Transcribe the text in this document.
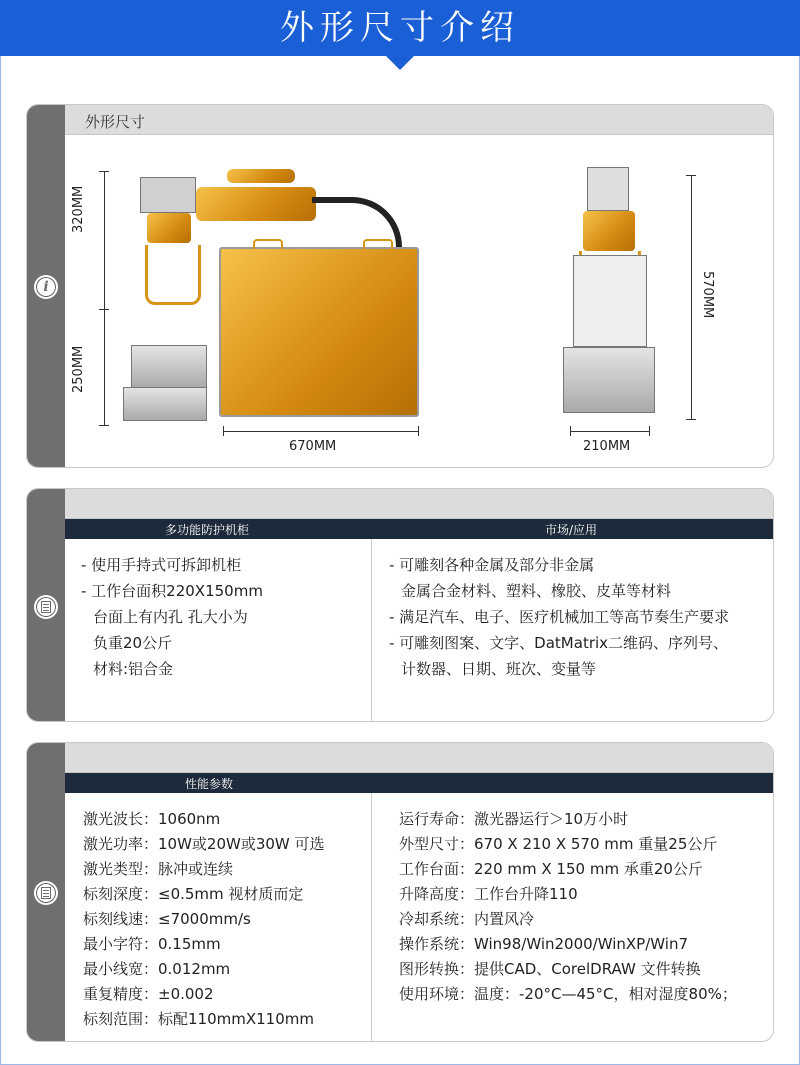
外形尺寸介绍
i
外形尺寸
320MM
250MM
670MM
570MM
210MM
多功能防护机柜	市场/应用
- 使用手持式可拆卸机柜
- 工作台面积220X150mm
台面上有内孔 孔大小为
负重20公斤
材料:铝合金
- 可雕刻各种金属及部分非金属
金属合金材料、塑料、橡胶、皮革等材料
- 满足汽车、电子、医疗机械加工等高节奏生产要求
- 可雕刻图案、文字、DatMatrix二维码、序列号、
计数器、日期、班次、变量等
性能参数
激光波长：1060nm
激光功率：10W或20W或30W 可选
激光类型：脉冲或连续
标刻深度：≤0.5mm 视材质而定
标刻线速：≤7000mm/s
最小字符：0.15mm
最小线宽：0.012mm
重复精度：±0.002
标刻范围：标配110mmX110mm
运行寿命：激光器运行＞10万小时
外型尺寸：670 X 210 X 570 mm 重量25公斤
工作台面：220 mm X 150 mm 承重20公斤
升降高度：工作台升降110
冷却系统：内置风冷
操作系统：Win98/Win2000/WinXP/Win7
图形转换：提供CAD、CorelDRAW 文件转换
使用环境：温度：-20°C—45°C，相对湿度80%；
